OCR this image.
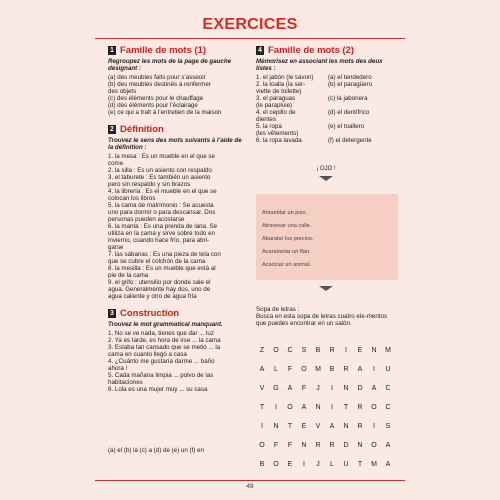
EXERCICES
1 Famille de mots (1)
Regroupez les mots de la page de gauche désignant :
(a) des meubles faits pour s’asseoir
(b) des meubles destinés à renfermer
des objets
(c) des éléments pour le chauffage
(d) des éléments pour l’éclairage
(e) ce qui a trait à l’entretien de la maison
2 Définition
Trouvez le sens des mots suivants à l’aide de la définition :
1. la mesa : Es un mueble en el que se
come
2. la silla : Es un asiento con respaldo
3. el taburete : Es también un asiento
pero sin respaldo y sin brazos
4. la librería : Es el mueble en el que se
colocan los libros
5. la cama de matrimonio : Se acuesta
uno para dormir o para descansar. Dos
personas pueden acostarse
6. la manta : Es una prenda de lana. Se
utiliza en la cama y sirve sobre todo en
invierno, cuando hace frío, para abri-
garse
7. las sábanas : Es una pieza de tela con
que se cubre el colchón de la cama
8. la mesilla : Es un mueble que está al
pie de la cama
9. el grifo : utensilio por donde sale el
agua. Generalmente hay dos, uno de
agua caliente y otro de agua fría
3 Construction
Trouvez le mot grammatical manquant.
1. No se ve nada, tienes que dar ... luz
2. Ya es tarde, es hora de irse ... la cama
3. Estaba tan cansado que se metió ... la
cama en cuanto llegó a casa
4. ¿Cuánto me gustaría darme ... baño
ahora !
5. Cada mañana limpia ... polvo de las
habitaciones
6. Lola es una mujer muy ... su casa
(a) el (b) la (c) a (d) de (e) un (f) en
4 Famille de mots (2)
Mémorisez en associant les mots des deux listes :
1. el jabón (le savon)	(a) el tendedero
2. la toalla (la ser-	(b) el paragüero
viette de toilette)
3. el paraguas	(c) la jabonera
(le parapluie)
4. el cepillo de	(d) el dentífrico
dientes
5. la ropa	(e) el toallero
(les vêtements)
6. la ropa lavada	(f) el detergente
¡ OJO !
Amueblar un piso.
Atravesar una calle.
Abaratar los precios.
Acaramelar un flan.
Acariciar un animal.
Sopa de letras :
Busca en esta sopa de letras cuatro ele-mentos que puedes encontrar en un salón.
Z	O	C	S	B	R	I	E	N	M
A	L	F	O	M	B	R	A	I	U
V	G	A	F	J	I	N	D	A	C
T	I	O	A	N	I	T	R	O	C
I	N	T	E	V	A	N	R	I	S
O	F	F	N	R	R	D	N	O	A
B	O	E	I	J	L	U	T	M	A
49
